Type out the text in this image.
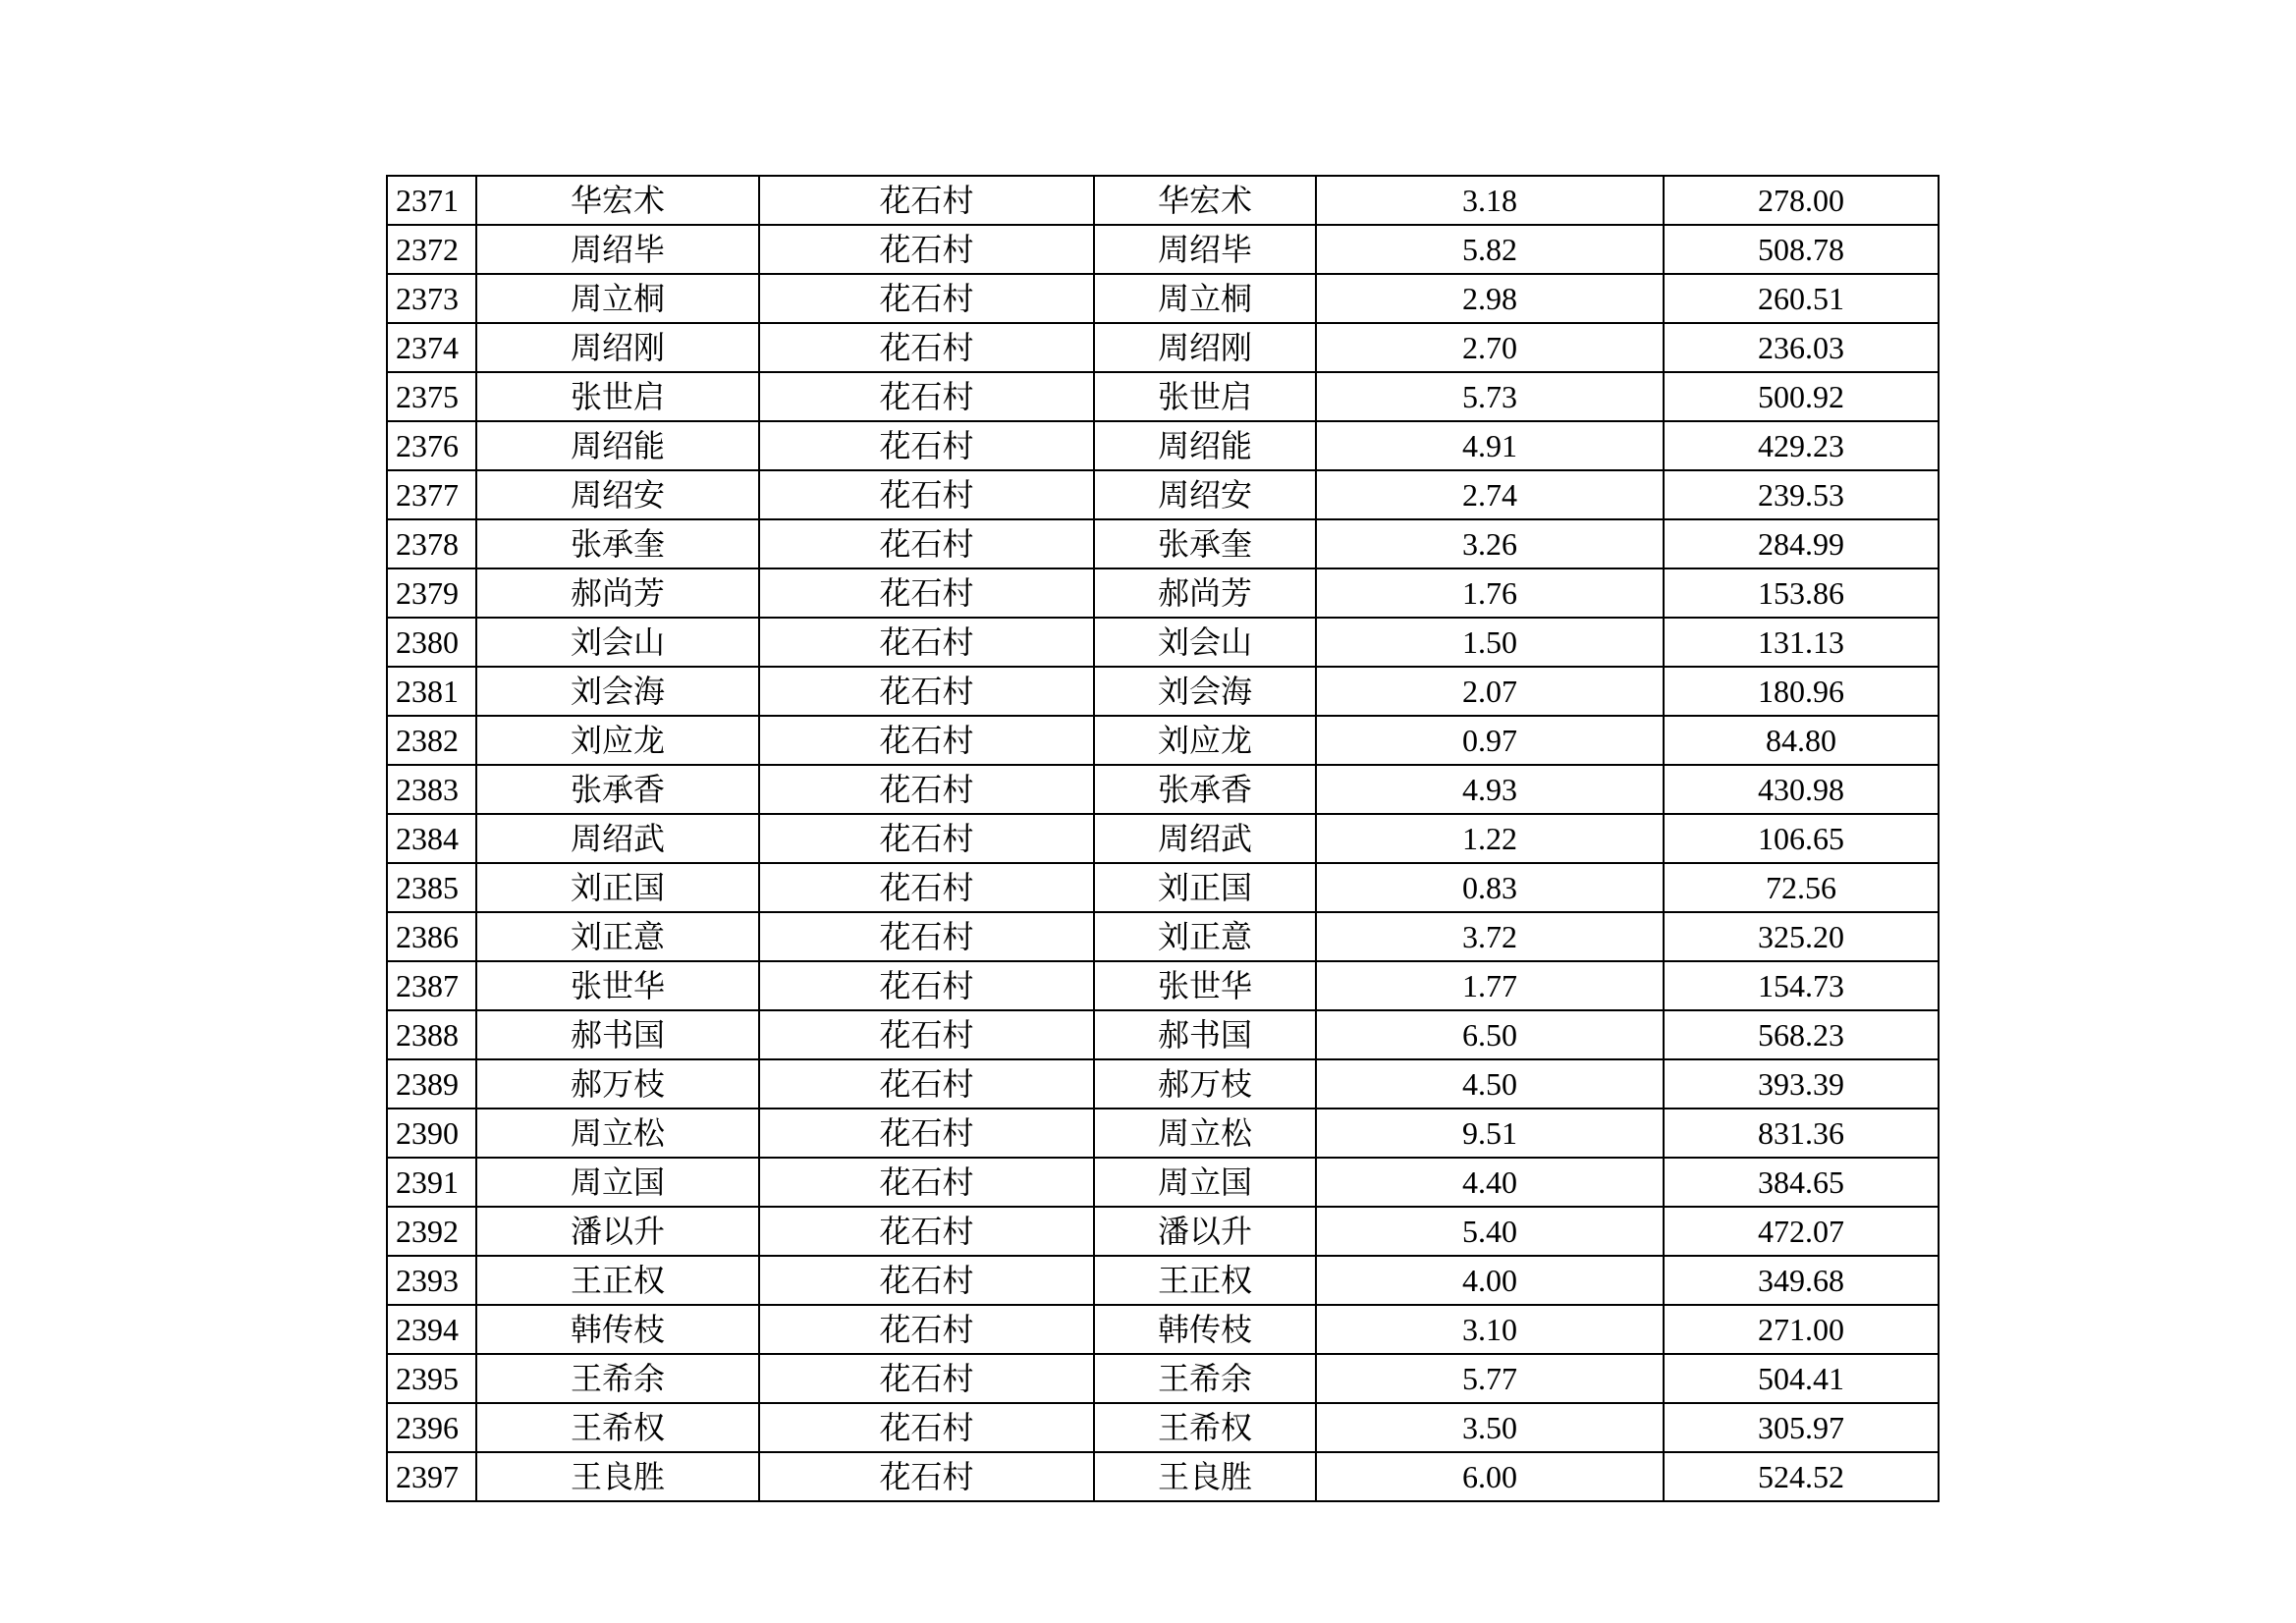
2371	华宏术	花石村	华宏术	3.18	278.00
2372	周绍毕	花石村	周绍毕	5.82	508.78
2373	周立桐	花石村	周立桐	2.98	260.51
2374	周绍刚	花石村	周绍刚	2.70	236.03
2375	张世启	花石村	张世启	5.73	500.92
2376	周绍能	花石村	周绍能	4.91	429.23
2377	周绍安	花石村	周绍安	2.74	239.53
2378	张承奎	花石村	张承奎	3.26	284.99
2379	郝尚芳	花石村	郝尚芳	1.76	153.86
2380	刘会山	花石村	刘会山	1.50	131.13
2381	刘会海	花石村	刘会海	2.07	180.96
2382	刘应龙	花石村	刘应龙	0.97	84.80
2383	张承香	花石村	张承香	4.93	430.98
2384	周绍武	花石村	周绍武	1.22	106.65
2385	刘正国	花石村	刘正国	0.83	72.56
2386	刘正意	花石村	刘正意	3.72	325.20
2387	张世华	花石村	张世华	1.77	154.73
2388	郝书国	花石村	郝书国	6.50	568.23
2389	郝万枝	花石村	郝万枝	4.50	393.39
2390	周立松	花石村	周立松	9.51	831.36
2391	周立国	花石村	周立国	4.40	384.65
2392	潘以升	花石村	潘以升	5.40	472.07
2393	王正权	花石村	王正权	4.00	349.68
2394	韩传枝	花石村	韩传枝	3.10	271.00
2395	王希余	花石村	王希余	5.77	504.41
2396	王希权	花石村	王希权	3.50	305.97
2397	王良胜	花石村	王良胜	6.00	524.52
